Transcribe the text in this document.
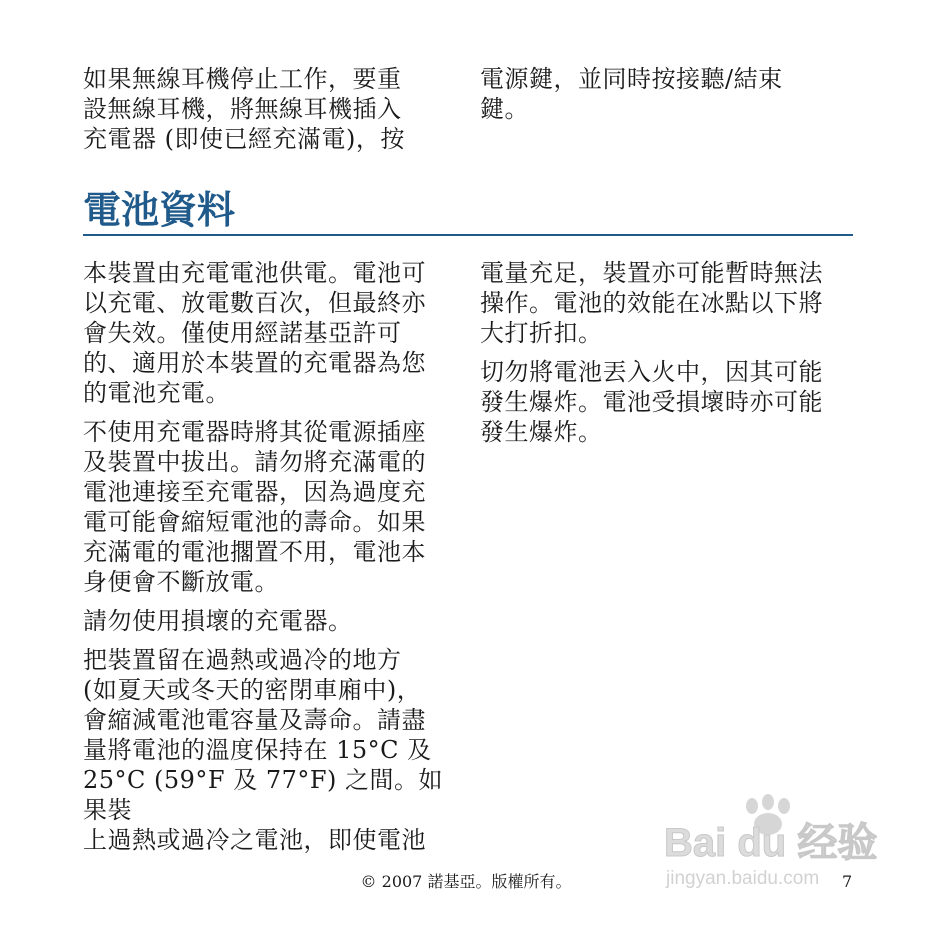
如果無線耳機停止工作，要重
設無線耳機，將無線耳機插入
充電器 (即使已經充滿電)，按

電源鍵，並同時按接聽/結束
鍵。

電池資料

本裝置由充電電池供電。電池可
以充電、放電數百次，但最終亦
會失效。僅使用經諾基亞許可
的、適用於本裝置的充電器為您
的電池充電。

不使用充電器時將其從電源插座
及裝置中拔出。請勿將充滿電的
電池連接至充電器，因為過度充
電可能會縮短電池的壽命。如果
充滿電的電池擱置不用，電池本
身便會不斷放電。

請勿使用損壞的充電器。

把裝置留在過熱或過冷的地方
(如夏天或冬天的密閉車廂中)，
會縮減電池電容量及壽命。請盡
量將電池的溫度保持在 15°C 及
25°C (59°F 及 77°F) 之間。如果裝
上過熱或過冷之電池，即使電池

電量充足，裝置亦可能暫時無法
操作。電池的效能在冰點以下將
大打折扣。

切勿將電池丟入火中，因其可能
發生爆炸。電池受損壞時亦可能
發生爆炸。

Bai du 经验
jingyan.baidu.com
© 2007 諾基亞。版權所有。	7
